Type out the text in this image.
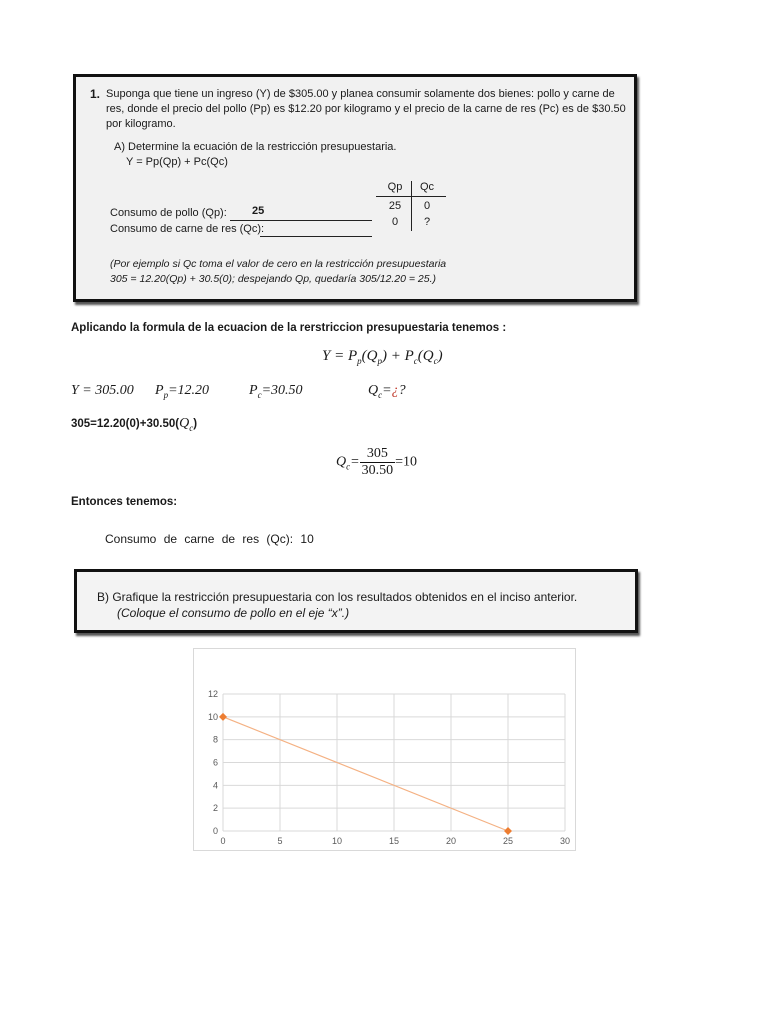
1. Suponga que tiene un ingreso (Y) de $305.00 y planea consumir solamente dos bienes: pollo y carne de res, donde el precio del pollo (Pp) es $12.20 por kilogramo y el precio de la carne de res (Pc) es de $30.50 por kilogramo.
A) Determine la ecuación de la restricción presupuestaria.
Y = Pp(Qp) + Pc(Qc)
Consumo de pollo (Qp): 25
Consumo de carne de res (Qc):
Qp	Qc
25	0
0	?
(Por ejemplo si Qc toma el valor de cero en la restricción presupuestaria
305 = 12.20(Qp) + 30.5(0); despejando Qp, quedaría 305/12.20 = 25.)
Aplicando la formula de la ecuacion de la rerstriccion presupuestaria tenemos :
$Y = P_p(Q_p) + P_c(Q_c)$
Y = 305.00 $P_p=12.20$	$P_c=30.50$	$Q_c=¿$?
$305=12.20(0)+30.50(Q_c)$
$Q_c= \frac{305}{30.50} =10$
Entonces tenemos:
Consumo de carne de res (Qc): 10
B) Grafique la restricción presupuestaria con los resultados obtenidos en el inciso anterior.
(Coloque el consumo de pollo en el eje “x”.)
0
2
4
6
8
10
12
0	5	10	15	20	25	30
